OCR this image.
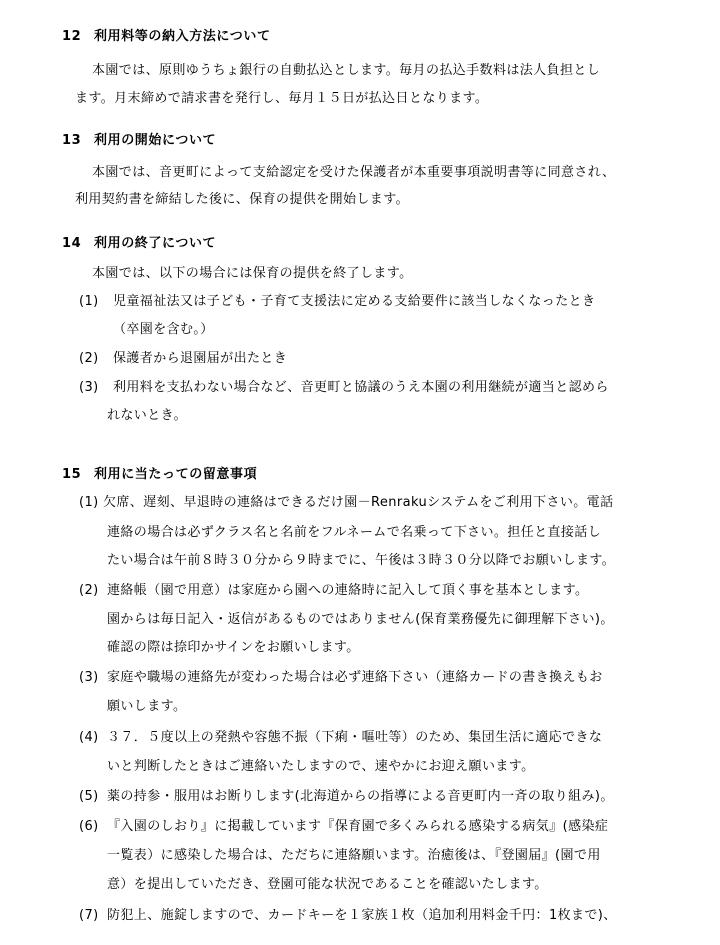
12 利用料等の納入方法について
本園では、原則ゆうちょ銀行の自動払込とします。毎月の払込手数料は法人負担とし
ます。月末締めで請求書を発行し、毎月１５日が払込日となります。
13 利用の開始について
本園では、音更町によって支給認定を受けた保護者が本重要事項説明書等に同意され、
利用契約書を締結した後に、保育の提供を開始します。
14 利用の終了について
本園では、以下の場合には保育の提供を終了します。
(1) 児童福祉法又は子ども・子育て支援法に定める支給要件に該当しなくなったとき
（卒園を含む。）
(2) 保護者から退園届が出たとき
(3) 利用料を支払わない場合など、音更町と協議のうえ本園の利用継続が適当と認めら
れないとき。
15 利用に当たっての留意事項
(1) 欠席、遅刻、早退時の連絡はできるだけ園－Renrakuシステムをご利用下さい。電話
連絡の場合は必ずクラス名と名前をフルネームで名乗って下さい。担任と直接話し
たい場合は午前８時３０分から９時までに、午後は３時３０分以降でお願いします。
(2) 連絡帳（園で用意）は家庭から園への連絡時に記入して頂く事を基本とします。
園からは毎日記入・返信があるものではありません(保育業務優先に御理解下さい)。
確認の際は捺印かサインをお願いします。
(3) 家庭や職場の連絡先が変わった場合は必ず連絡下さい（連絡カードの書き換えもお
願いします。
(4) ３７．５度以上の発熱や容態不振（下痢・嘔吐等）のため、集団生活に適応できな
いと判断したときはご連絡いたしますので、速やかにお迎え願います。
(5) 薬の持参・服用はお断りします(北海道からの指導による音更町内一斉の取り組み)。
(6) 『入園のしおり』に掲載しています『保育園で多くみられる感染する病気』(感染症
一覧表）に感染した場合は、ただちに連絡願います。治癒後は、『登園届』(園で用
意）を提出していただき、登園可能な状況であることを確認いたします。
(7) 防犯上、施錠しますので、カードキーを１家族１枚（追加利用料金千円：1枚まで)、
